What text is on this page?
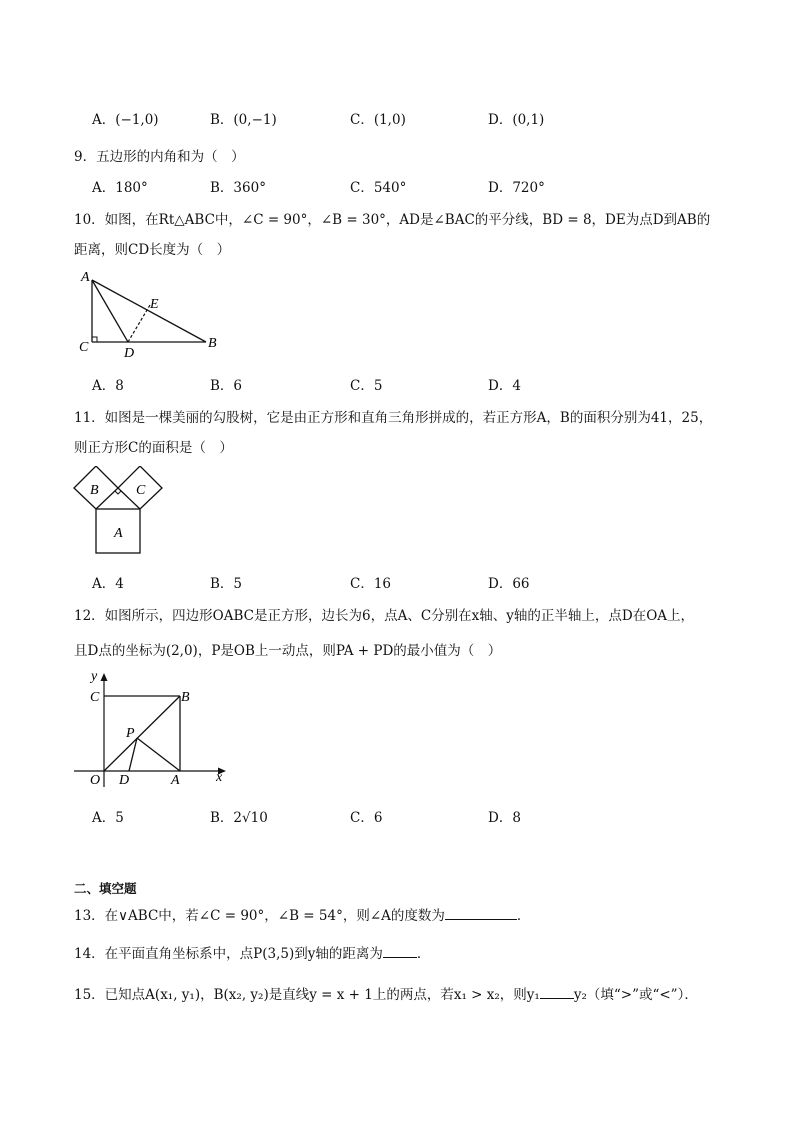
A．(−1,0)	B．(0,−1)	C．(1,0)	D．(0,1)
9．五边形的内角和为（　）
A．180°	B．360°	C．540°	D．720°
10．如图，在Rt△ABC中，∠C = 90°，∠B = 30°，AD是∠BAC的平分线，BD = 8，DE为点D到AB的
距离，则CD长度为（　）
A
B
C	D
E
A．8	B．6	C．5	D．4
11．如图是一棵美丽的勾股树，它是由正方形和直角三角形拼成的，若正方形A，B的面积分别为41，25，
则正方形C的面积是（　）
A
B	C
A．4	B．5	C．16	D．66
12．如图所示，四边形OABC是正方形，边长为6，点A、C分别在x轴、y轴的正半轴上，点D在OA上，
且D点的坐标为(2,0)，P是OB上一动点，则PA + PD的最小值为（　）
y
x
C	B
P
O D	A
A．5	B．2√10	C．6	D．8
二、填空题
13．在∨ABC中，若∠C = 90°，∠B = 54°，则∠A的度数为	．
14．在平面直角坐标系中，点P(3,5)到y轴的距离为	．
15．已知点A(x₁, y₁)，B(x₂, y₂)是直线y = x + 1上的两点，若x₁ > x₂，则y₁	y₂（填“>”或“<”）．
